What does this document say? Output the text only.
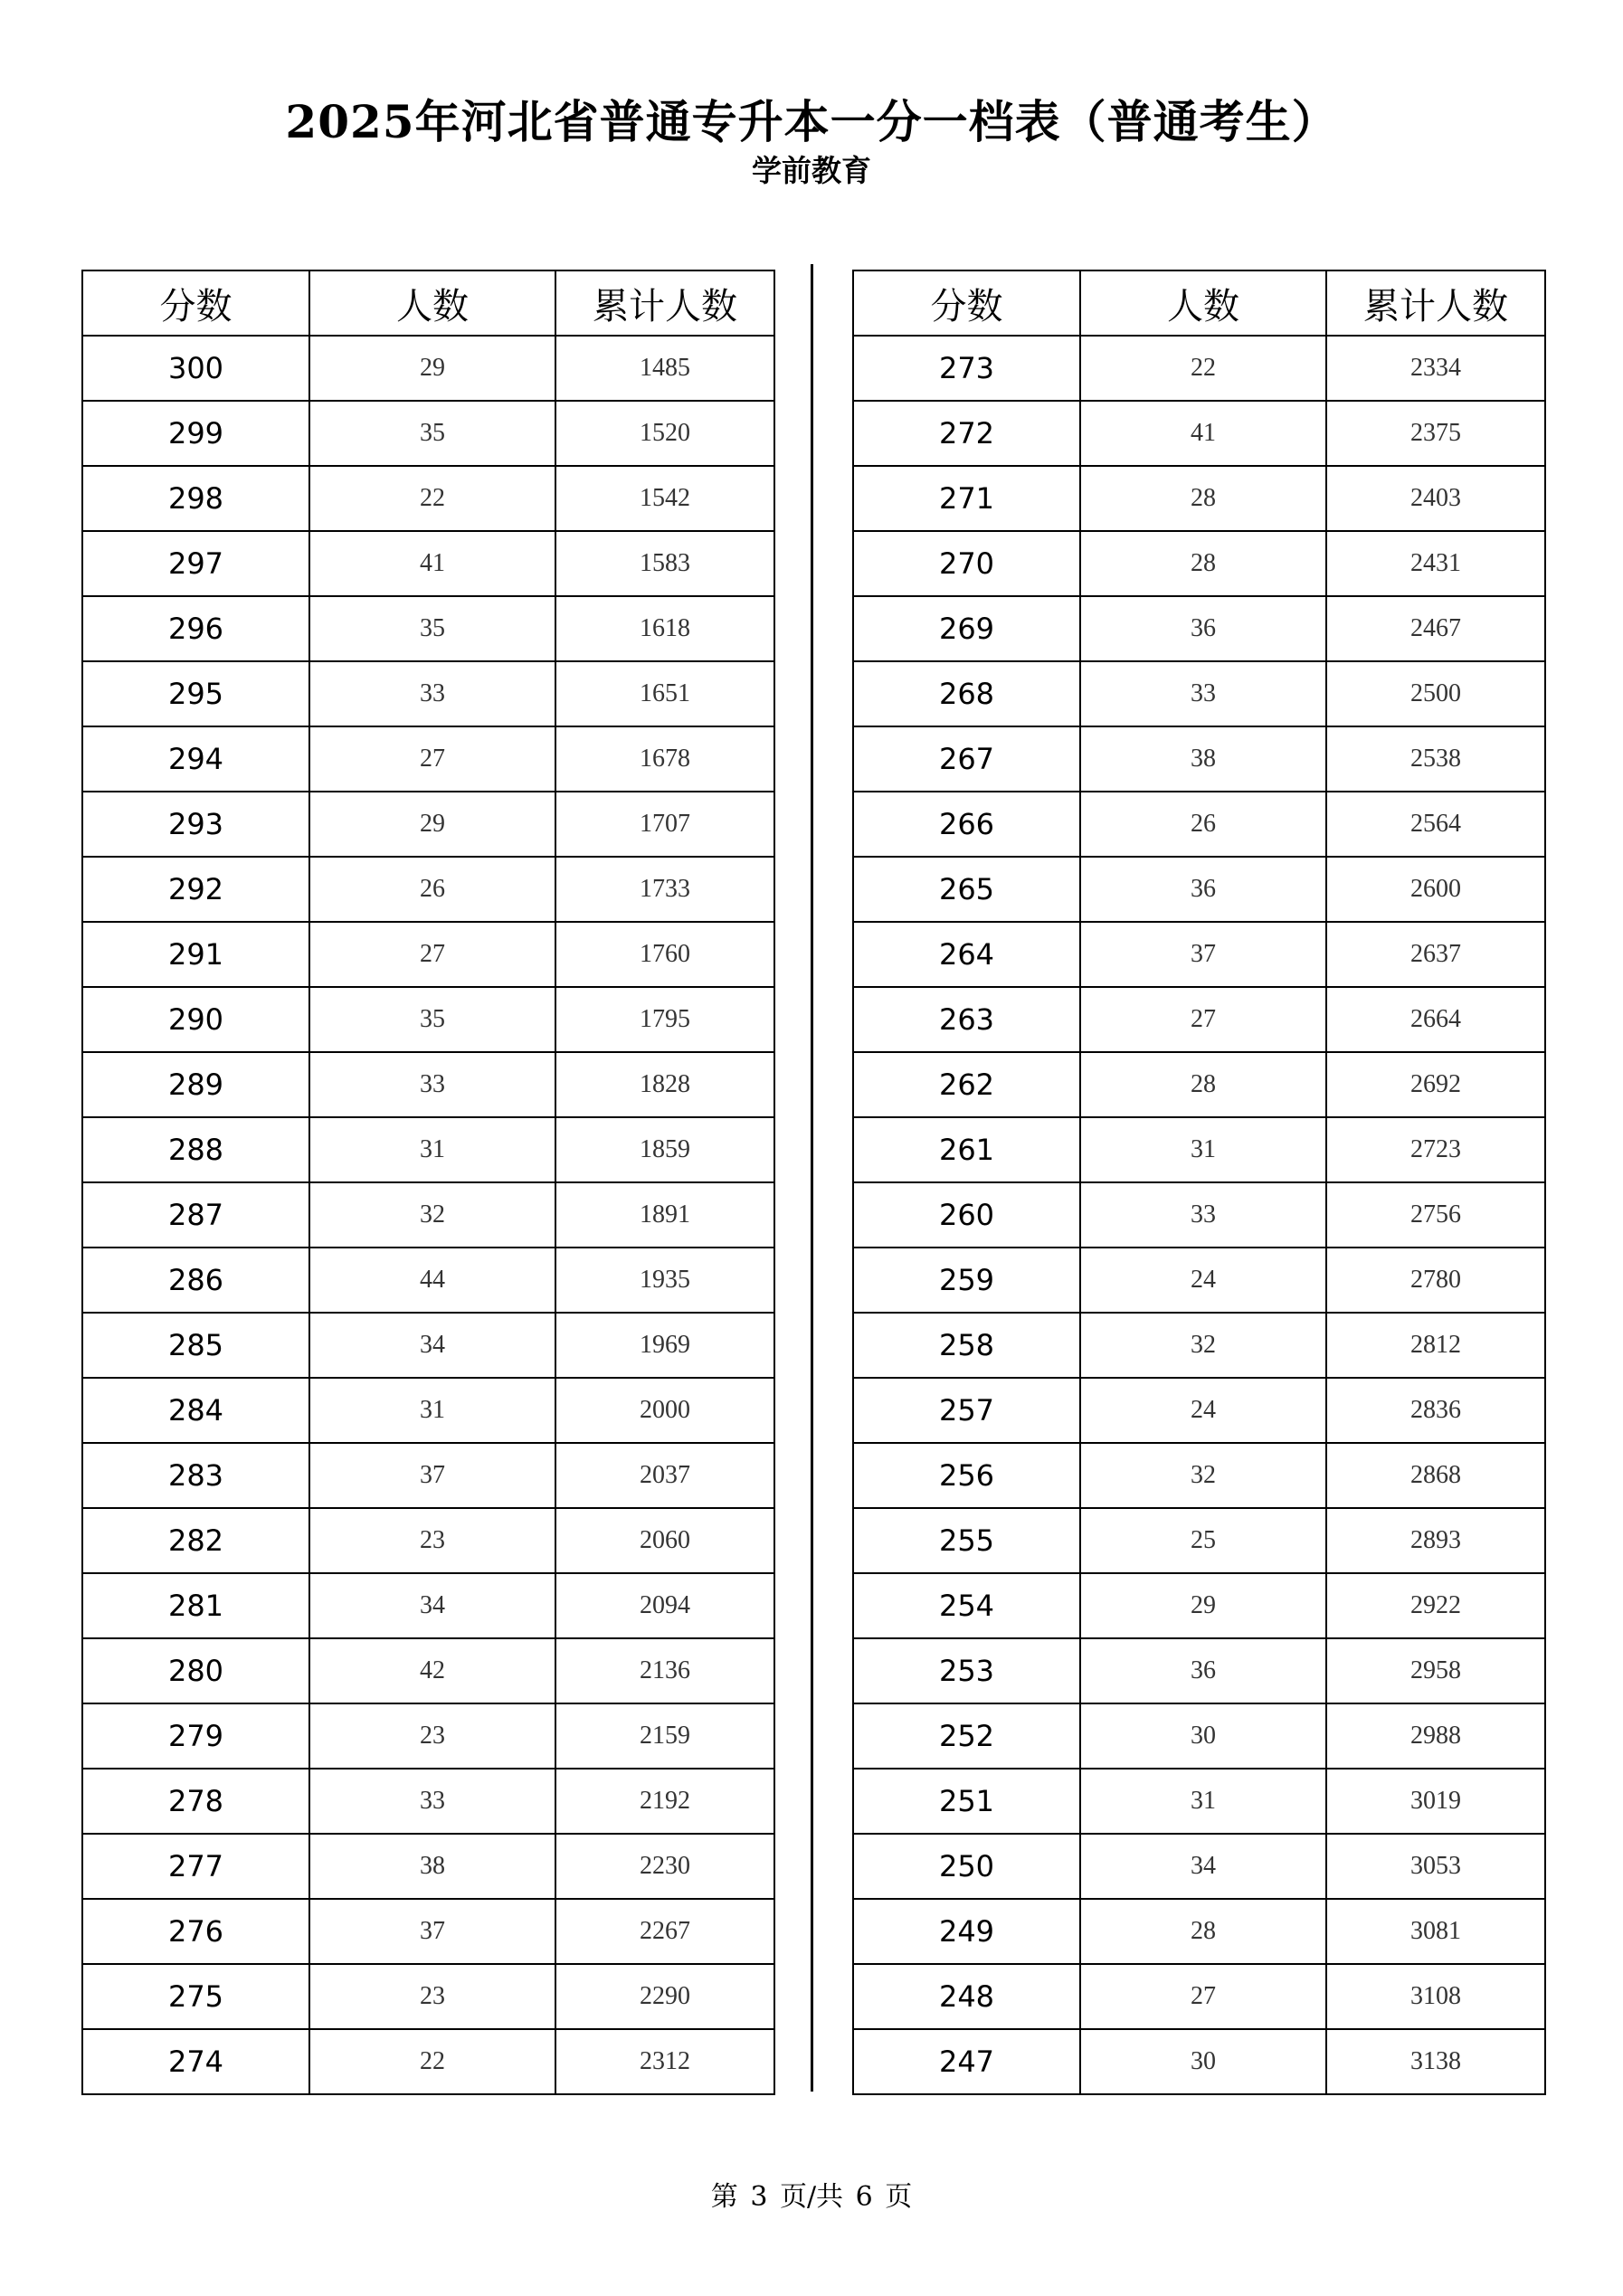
2025年河北省普通专升本一分一档表（普通考生）
学前教育
分数	人数	累计人数
300	29	1485
299	35	1520
298	22	1542
297	41	1583
296	35	1618
295	33	1651
294	27	1678
293	29	1707
292	26	1733
291	27	1760
290	35	1795
289	33	1828
288	31	1859
287	32	1891
286	44	1935
285	34	1969
284	31	2000
283	37	2037
282	23	2060
281	34	2094
280	42	2136
279	23	2159
278	33	2192
277	38	2230
276	37	2267
275	23	2290
274	22	2312
分数	人数	累计人数
273	22	2334
272	41	2375
271	28	2403
270	28	2431
269	36	2467
268	33	2500
267	38	2538
266	26	2564
265	36	2600
264	37	2637
263	27	2664
262	28	2692
261	31	2723
260	33	2756
259	24	2780
258	32	2812
257	24	2836
256	32	2868
255	25	2893
254	29	2922
253	36	2958
252	30	2988
251	31	3019
250	34	3053
249	28	3081
248	27	3108
247	30	3138
第 3 页/共 6 页
